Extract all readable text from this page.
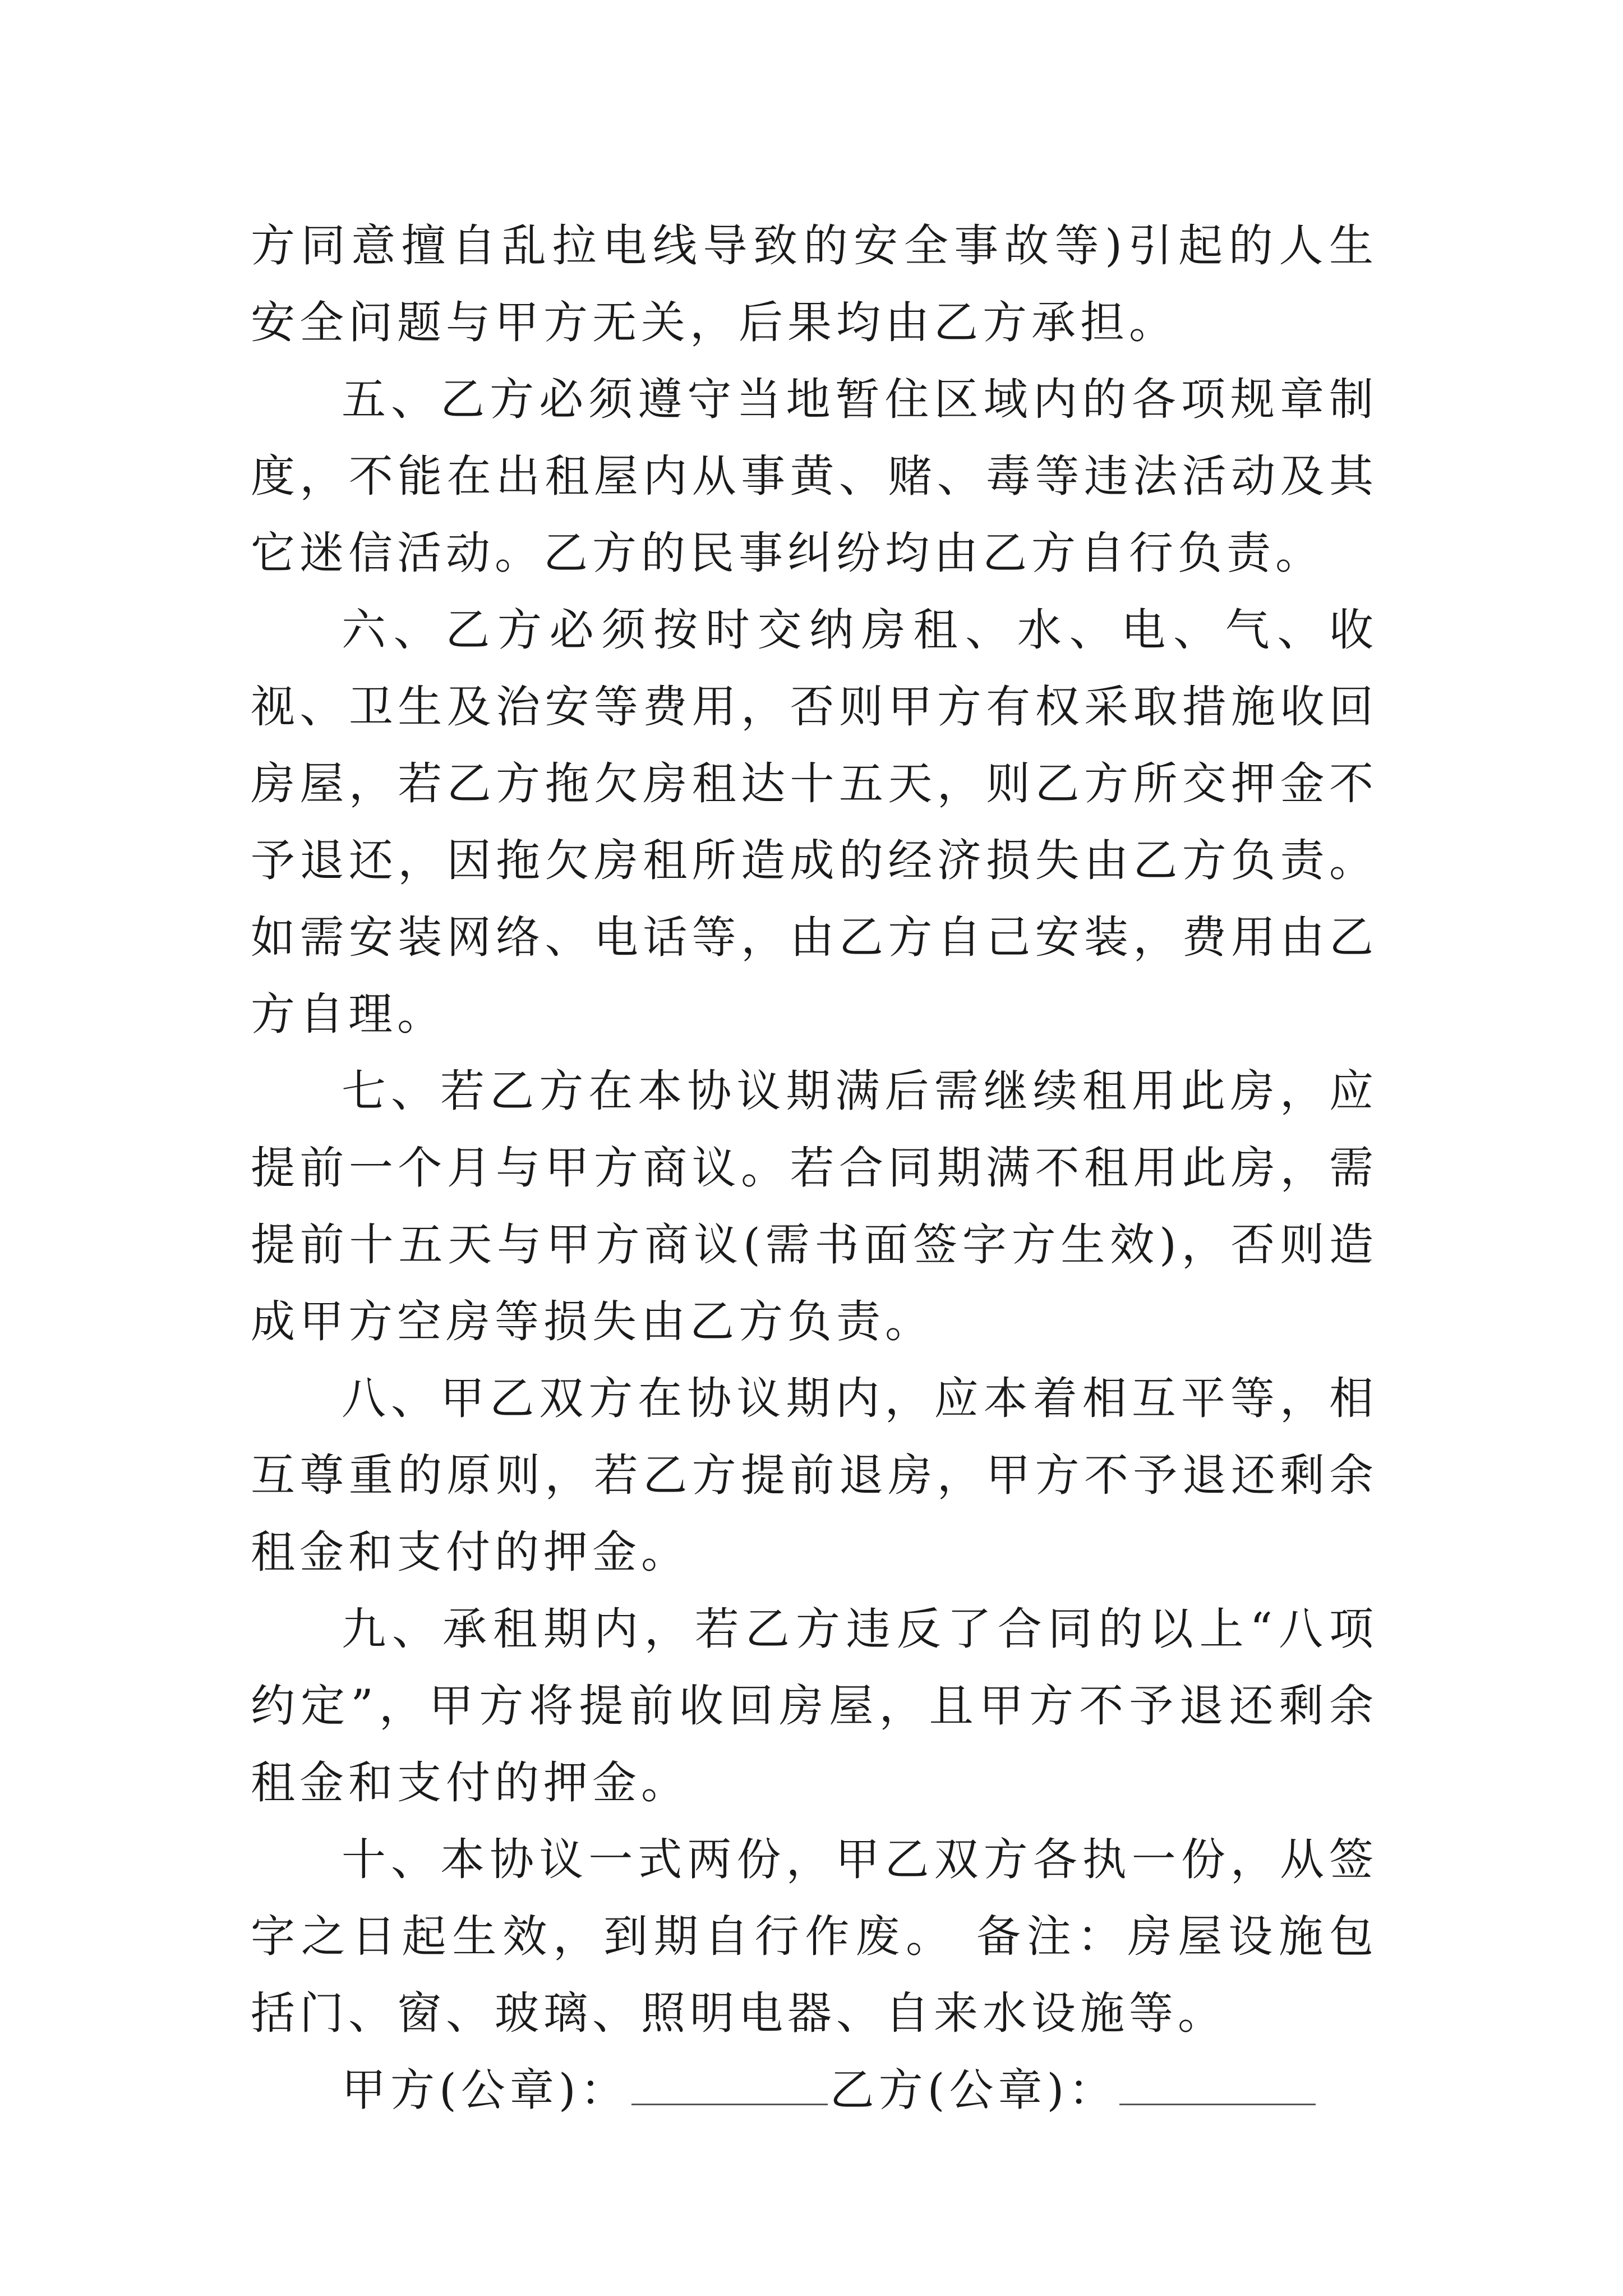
方同意擅自乱拉电线导致的安全事故等)引起的人生安全问题与甲方无关，后果均由乙方承担。

五、乙方必须遵守当地暂住区域内的各项规章制度，不能在出租屋内从事黄、赌、毒等违法活动及其它迷信活动。乙方的民事纠纷均由乙方自行负责。

六、乙方必须按时交纳房租、水、电、气、收视、卫生及治安等费用，否则甲方有权采取措施收回房屋，若乙方拖欠房租达十五天，则乙方所交押金不予退还，因拖欠房租所造成的经济损失由乙方负责。如需安装网络、电话等，由乙方自己安装，费用由乙方自理。

七、若乙方在本协议期满后需继续租用此房，应提前一个月与甲方商议。若合同期满不租用此房，需提前十五天与甲方商议(需书面签字方生效)，否则造成甲方空房等损失由乙方负责。

八、甲乙双方在协议期内，应本着相互平等，相互尊重的原则，若乙方提前退房，甲方不予退还剩余租金和支付的押金。

九、承租期内，若乙方违反了合同的以上“八项约定”，甲方将提前收回房屋，且甲方不予退还剩余租金和支付的押金。

十、本协议一式两份，甲乙双方各执一份，从签字之日起生效，到期自行作废。 备注：房屋设施包括门、窗、玻璃、照明电器、自来水设施等。

甲方(公章)：	乙方(公章)：
